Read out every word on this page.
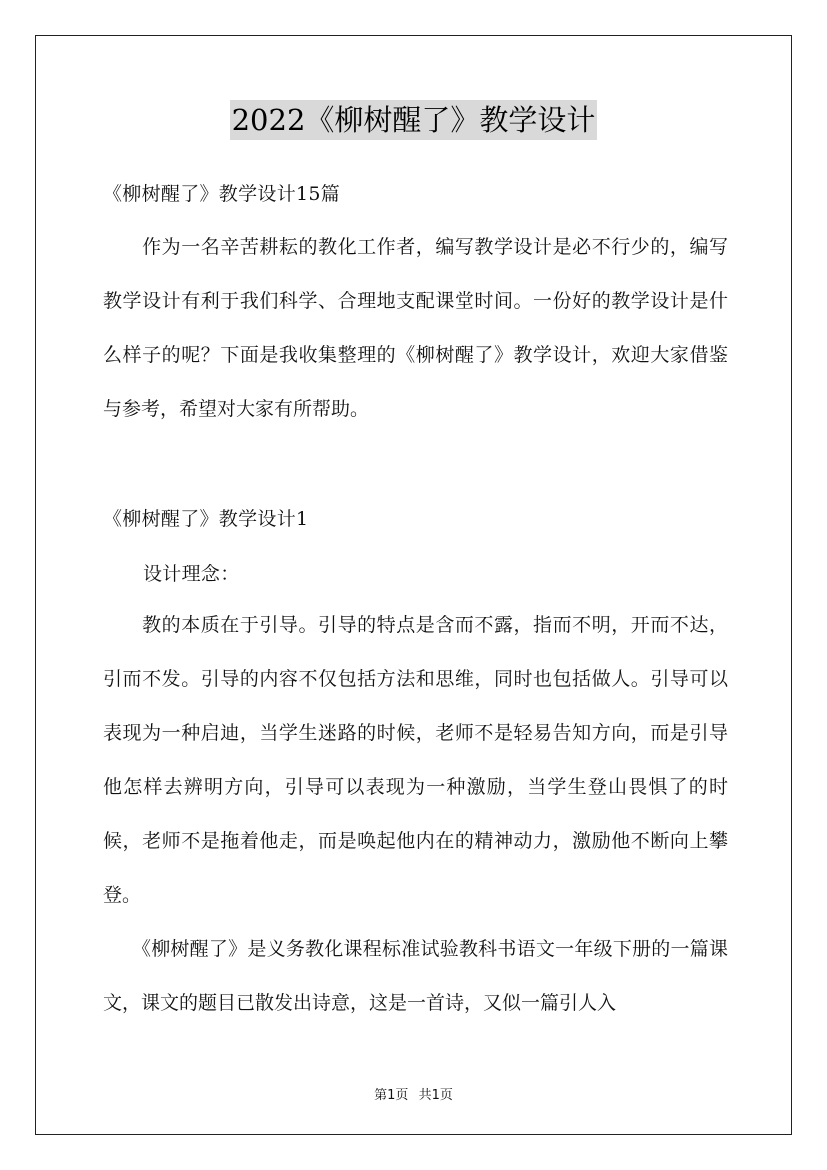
2022《柳树醒了》教学设计
《柳树醒了》教学设计15篇
　　作为一名辛苦耕耘的教化工作者，编写教学设计是必不行少的，编写教学设计有利于我们科学、合理地支配课堂时间。一份好的教学设计是什么样子的呢？下面是我收集整理的《柳树醒了》教学设计，欢迎大家借鉴与参考，希望对大家有所帮助。
《柳树醒了》教学设计1
设计理念：
　　教的本质在于引导。引导的特点是含而不露，指而不明，开而不达，引而不发。引导的内容不仅包括方法和思维，同时也包括做人。引导可以表现为一种启迪，当学生迷路的时候，老师不是轻易告知方向，而是引导他怎样去辨明方向，引导可以表现为一种激励，当学生登山畏惧了的时候，老师不是拖着他走，而是唤起他内在的精神动力，激励他不断向上攀登。
　　《柳树醒了》是义务教化课程标准试验教科书语文一年级下册的一篇课文，课文的题目已散发出诗意，这是一首诗，又似一篇引人入
第1页 共1页
